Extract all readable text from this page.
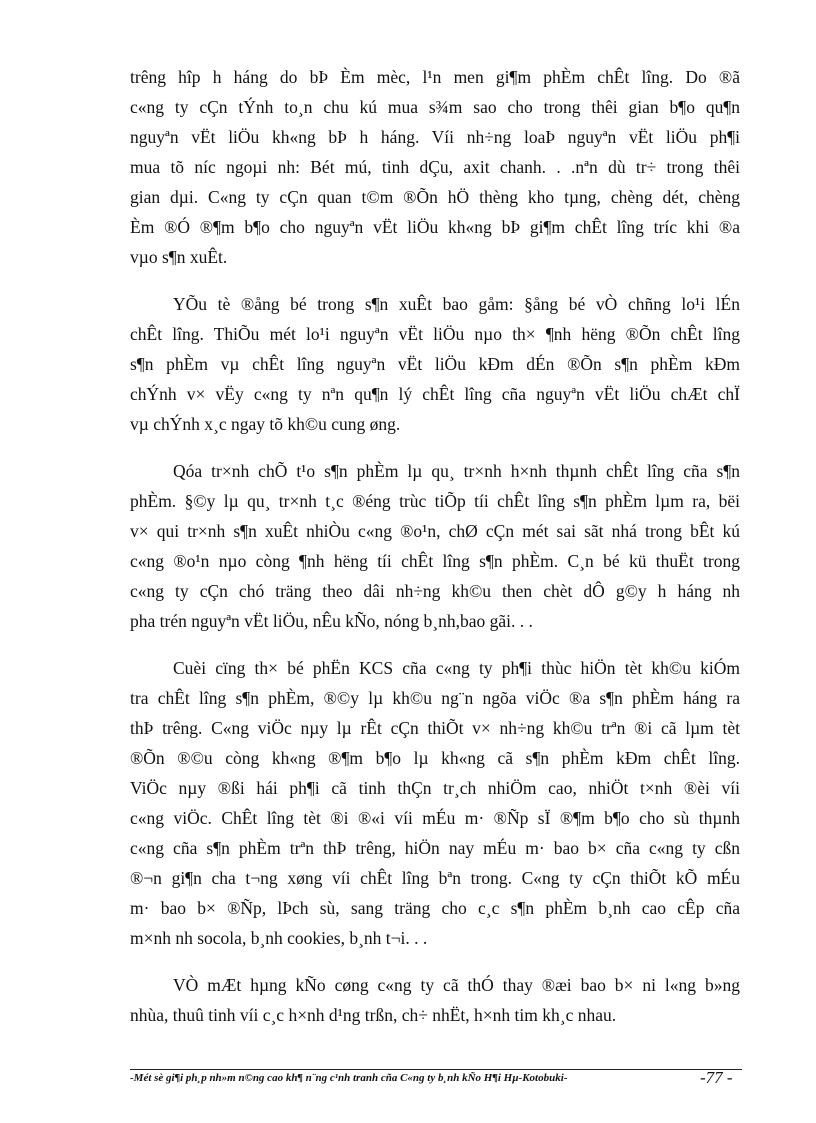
trêng hîp h háng do bÞ Èm mèc, l¹n men gi¶m phÈm chÊt lîng. Do ®ã
c«ng ty cÇn tÝnh to¸n chu kú mua s¾m sao cho trong thêi gian b¶o qu¶n
nguyªn vËt liÖu kh«ng bÞ h háng. Víi nh÷ng loaÞ nguyªn vËt liÖu ph¶i
mua tõ níc ngoµi nh: Bét mú, tinh dÇu, axit chanh. . .nªn dù tr÷ trong thêi
gian dµi. C«ng ty cÇn quan t©m ®Õn hÖ thèng kho tµng, chèng dét, chèng
Èm ®Ó ®¶m b¶o cho nguyªn vËt liÖu kh«ng bÞ gi¶m chÊt lîng tríc khi ®a
vµo s¶n xuÊt.
YÕu tè ®ång bé trong s¶n xuÊt bao gåm: §ång bé vÒ chñng lo¹i lÉn
chÊt lîng. ThiÕu mét lo¹i nguyªn vËt liÖu nµo th× ¶nh hëng ®Õn chÊt lîng
s¶n phÈm vµ chÊt lîng nguyªn vËt liÖu kÐm dÉn ®Õn s¶n phÈm kÐm
chÝnh v× vËy c«ng ty nªn qu¶n lý chÊt lîng cña nguyªn vËt liÖu chÆt chÏ
vµ chÝnh x¸c ngay tõ kh©u cung øng.
Qóa tr×nh chÕ t¹o s¶n phÈm lµ qu¸ tr×nh h×nh thµnh chÊt lîng cña s¶n
phÈm. §©y lµ qu¸ tr×nh t¸c ®éng trùc tiÕp tíi chÊt lîng s¶n phÈm lµm ra, bëi
v× qui tr×nh s¶n xuÊt nhiÒu c«ng ®o¹n, chØ cÇn mét sai sãt nhá trong bÊt kú
c«ng ®o¹n nµo còng ¶nh hëng tíi chÊt lîng s¶n phÈm. C¸n bé kü thuËt trong
c«ng ty cÇn chó träng theo dâi nh÷ng kh©u then chèt dÔ g©y h háng nh
pha trén nguyªn vËt liÖu, nÊu kÑo, nóng b¸nh,bao gãi. . .
Cuèi cïng th× bé phËn KCS cña c«ng ty ph¶i thùc hiÖn tèt kh©u kiÓm
tra chÊt lîng s¶n phÈm, ®©y lµ kh©u ng¨n ngõa viÖc ®a s¶n phÈm háng ra
thÞ trêng. C«ng viÖc nµy lµ rÊt cÇn thiÕt v× nh÷ng kh©u trªn ®i cã lµm tèt
®Õn ®©u còng kh«ng ®¶m b¶o lµ kh«ng cã s¶n phÈm kÐm chÊt lîng.
ViÖc nµy ®ßi hái ph¶i cã tinh thÇn tr¸ch nhiÖm cao, nhiÖt t×nh ®èi víi
c«ng viÖc. ChÊt lîng tèt ®i ®«i víi mÉu m· ®Ñp sÏ ®¶m b¶o cho sù thµnh
c«ng cña s¶n phÈm trªn thÞ trêng, hiÖn nay mÉu m· bao b× cña c«ng ty cßn
®¬n gi¶n cha t¬ng xøng víi chÊt lîng bªn trong. C«ng ty cÇn thiÕt kÕ mÉu
m· bao b× ®Ñp, lÞch sù, sang träng cho c¸c s¶n phÈm b¸nh cao cÊp cña
m×nh nh socola, b¸nh cookies, b¸nh t¬i. . .
VÒ mÆt hµng kÑo cøng c«ng ty cã thÓ thay ®æi bao b× ni l«ng b»ng
nhùa, thuû tinh víi c¸c h×nh d¹ng trßn, ch÷ nhËt, h×nh tim kh¸c nhau.
-Mét sè gi¶i ph¸p nh»m n©ng cao kh¶ n¨ng c¹nh tranh cña C«ng ty b¸nh kÑo H¶i Hµ-Kotobuki-	-77 -
